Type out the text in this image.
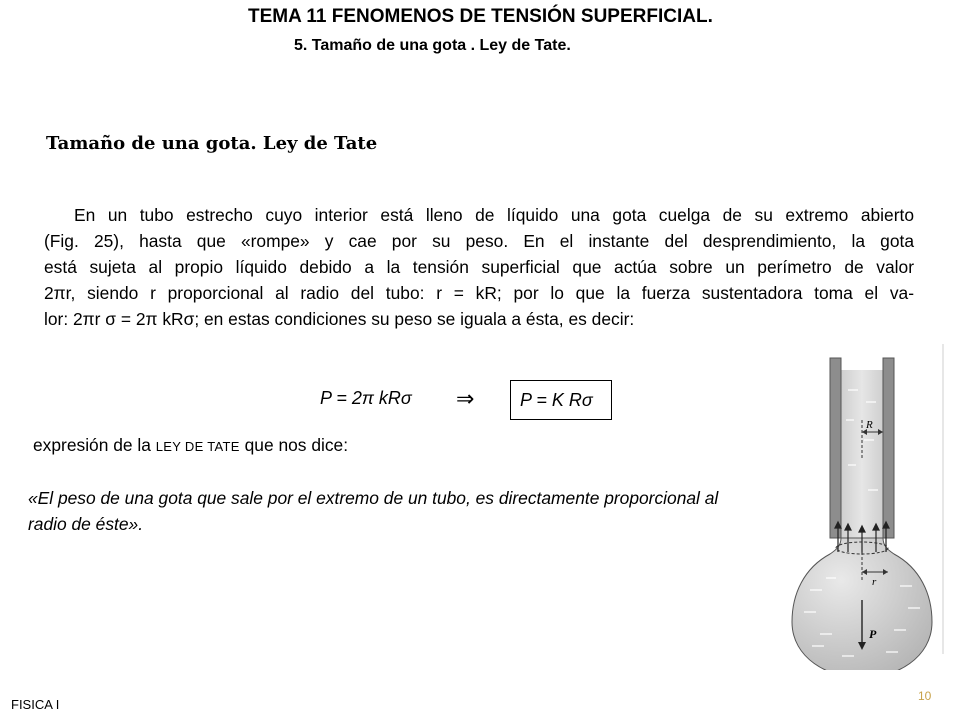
TEMA 11 FENOMENOS DE TENSIÓN SUPERFICIAL.
5. Tamaño de una gota . Ley de Tate.
Tamaño de una gota. Ley de Tate
En un tubo estrecho cuyo interior está lleno de líquido una gota cuelga de su extremo abierto
(Fig. 25), hasta que «rompe» y cae por su peso. En el instante del desprendimiento, la gota
está sujeta al propio líquido debido a la tensión superficial que actúa sobre un perímetro de valor
2πr, siendo r proporcional al radio del tubo: r = kR; por lo que la fuerza sustentadora toma el va-
lor: 2πr σ = 2π kRσ; en estas condiciones su peso se iguala a ésta, es decir:
P = 2π kRσ ⇒	P = K Rσ
expresión de la LEY DE TATE que nos dice:
«El peso de una gota que sale por el extremo de un tubo, es directamente proporcional al
radio de éste».
R
r
P
FISICA I
10
